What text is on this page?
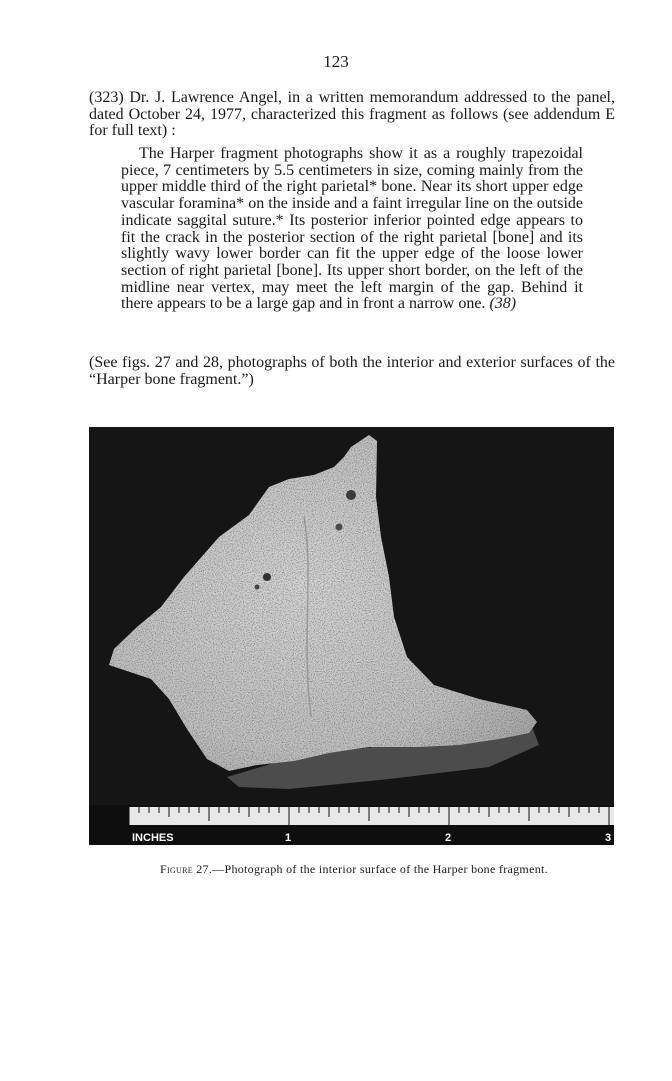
123

(323) Dr. J. Lawrence Angel, in a written memorandum addressed to the panel, dated October 24, 1977, characterized this fragment as follows (see addendum E for full text) :

The Harper fragment photographs show it as a roughly trapezoidal piece, 7 centimeters by 5.5 centimeters in size, coming mainly from the upper middle third of the right parietal* bone. Near its short upper edge vascular foramina* on the inside and a faint irregular line on the outside indicate saggital suture.* Its posterior inferior pointed edge appears to fit the crack in the posterior section of the right parietal [bone] and its slightly wavy lower border can fit the upper edge of the loose lower section of right parietal [bone]. Its upper short border, on the left of the midline near vertex, may meet the left margin of the gap. Behind it there appears to be a large gap and in front a narrow one. (38)

(See figs. 27 and 28, photographs of both the interior and exterior surfaces of the “Harper bone fragment.”)

INCHES	1	2	3
Figure 27.—Photograph of the interior surface of the Harper bone fragment.
